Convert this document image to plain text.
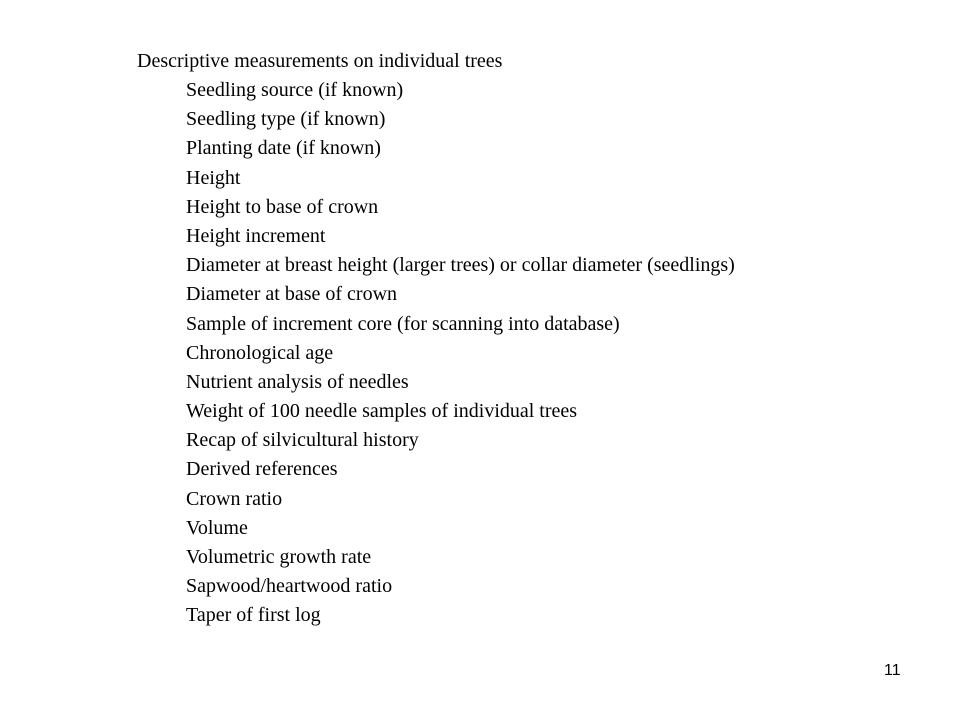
Descriptive measurements on individual trees
Seedling source (if known)
Seedling type (if known)
Planting date (if known)
Height
Height to base of crown
Height increment
Diameter at breast height (larger trees) or collar diameter (seedlings)
Diameter at base of crown
Sample of increment core (for scanning into database)
Chronological age
Nutrient analysis of needles
Weight of 100 needle samples of individual trees
Recap of silvicultural history
Derived references
Crown ratio
Volume
Volumetric growth rate
Sapwood/heartwood ratio
Taper of first log
11
